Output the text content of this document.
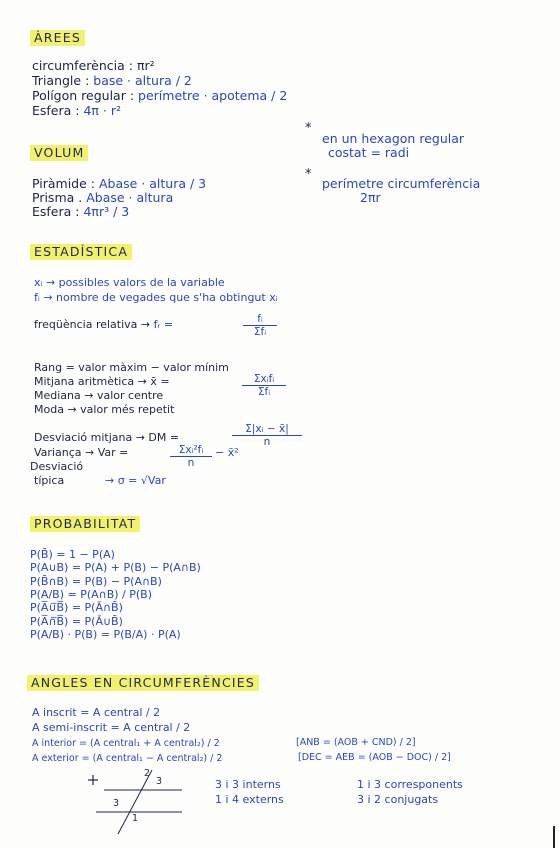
ÀREES
circumferència : πr²
Triangle : base · altura / 2
Polígon regular : perímetre · apotema / 2
Esfera : 4π · r²
*
en un hexagon regular
costat = radi
*
perímetre circumferència
2πr
VOLUM
Piràmide : Abase · altura / 3
Prisma . Abase · altura
Esfera : 4πr³ / 3
ESTADÍSTICA
xᵢ → possibles valors de la variable
fᵢ → nombre de vegades que s'ha obtingut xᵢ
freqüència relativa → fᵣ =	fᵢ
Σfᵢ
Rang = valor màxim − valor mínim
Mitjana aritmètica → x̄ =	Σxᵢfᵢ
Σfᵢ
Mediana → valor centre
Moda → valor més repetit
Desviació mitjana → DM =	$\frac{\text{Σ|xᵢ − x̄|}}{n}$
Variança → Var =	Σxᵢ²fᵢ
n
− x̄²
Desviació
típica	→ σ = √Var
PROBABILITAT
P(B̄) = 1 − P(A)
P(A∪B) = P(A) + P(B) − P(A∩B)
P(B̄∩B) = P(B) − P(A∩B)
P(A/B) = P(A∩B) / P(B)
P(A̅∪̅B̅) = P(Ā∩B̄)
P(A̅∩̅B̅) = P(Ā∪B̄)
P(A/B) · P(B) = P(B/A) · P(A)
ANGLES EN CIRCUMFERÈNCIES
A inscrit = A central / 2
A semi-inscrit = A central / 2
A interior = (A central₁ + A central₂) / 2	[ANB = (AOB + CND) / 2]
A exterior = (A central₁ − A central₂) / 2	[DEC = AEB = (AOB − DOC) / 2]
2
3
3
1
3 i 3 interns
1 i 4 externs
1 i 3 corresponents
3 i 2 conjugats
